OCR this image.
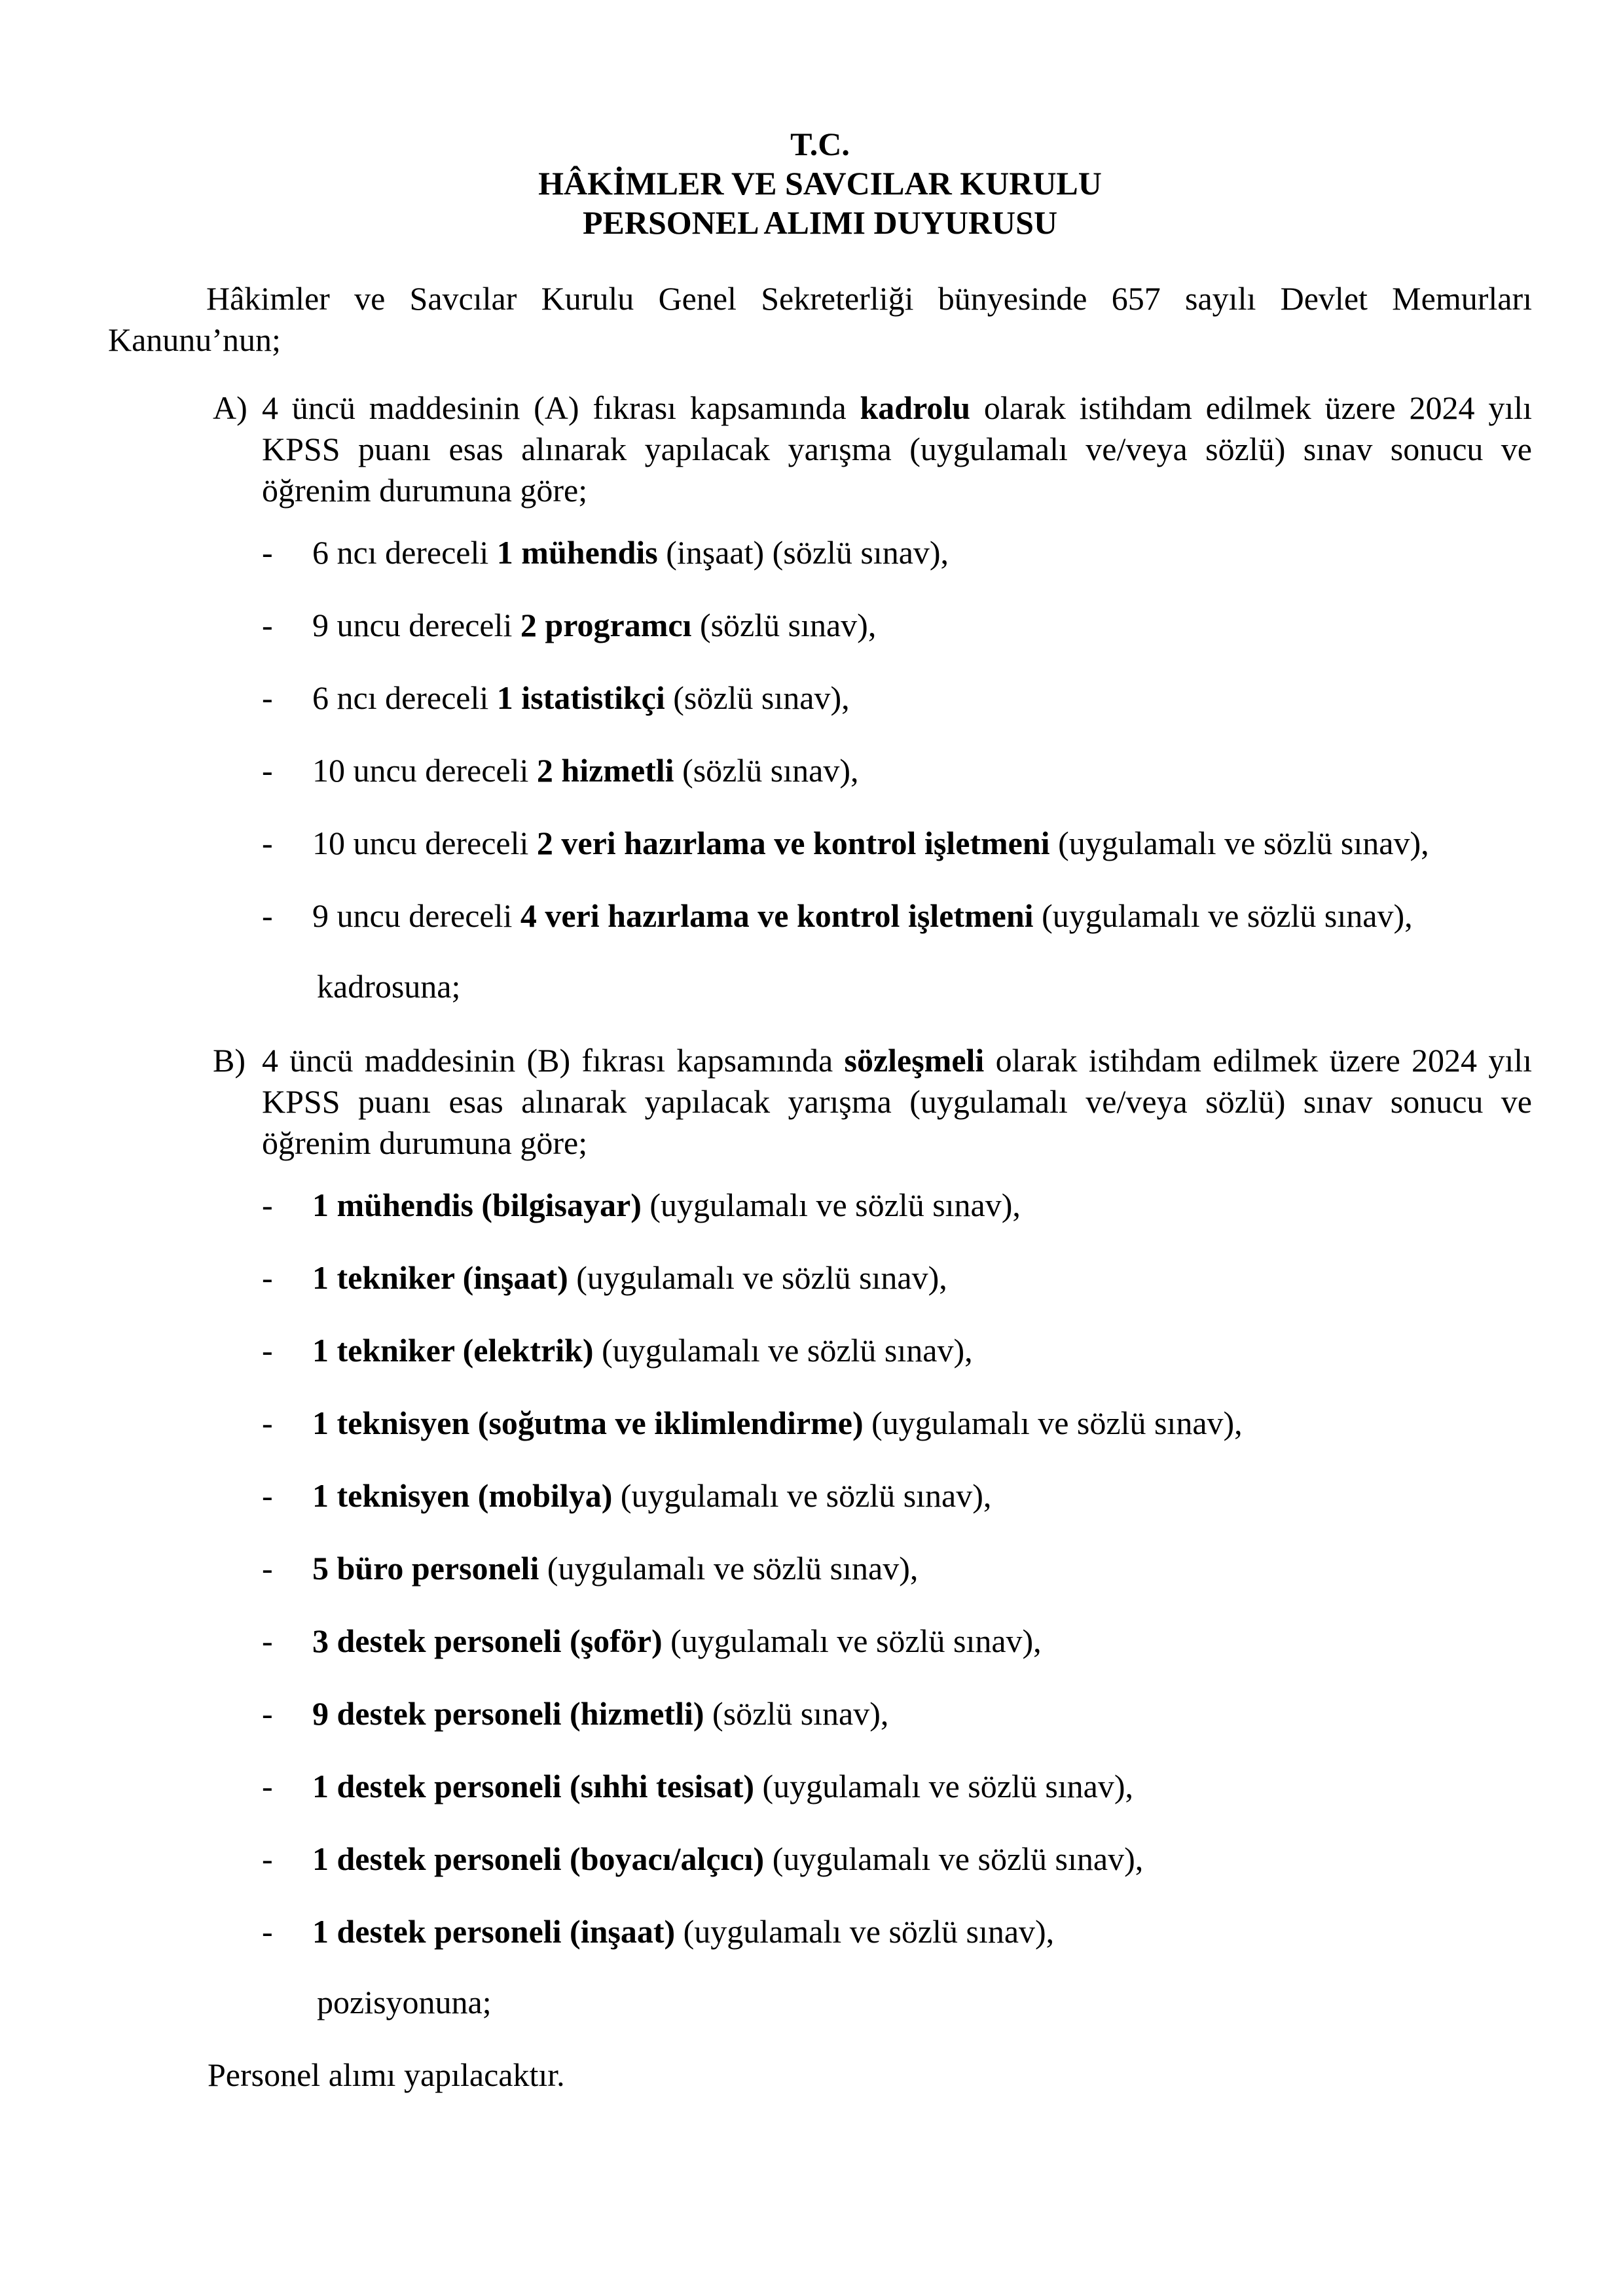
T.C.
HÂKİMLER VE SAVCILAR KURULU
PERSONEL ALIMI DUYURUSU

Hâkimler ve Savcılar Kurulu Genel Sekreterliği bünyesinde 657 sayılı Devlet Memurları Kanunu’nun;

A) 4 üncü maddesinin (A) fıkrası kapsamında kadrolu olarak istihdam edilmek üzere 2024 yılı KPSS puanı esas alınarak yapılacak yarışma (uygulamalı ve/veya sözlü) sınav sonucu ve öğrenim durumuna göre;

- 6 ncı dereceli 1 mühendis (inşaat) (sözlü sınav),
- 9 uncu dereceli 2 programcı (sözlü sınav),
- 6 ncı dereceli 1 istatistikçi (sözlü sınav),
- 10 uncu dereceli 2 hizmetli (sözlü sınav),
- 10 uncu dereceli 2 veri hazırlama ve kontrol işletmeni (uygulamalı ve sözlü sınav),
- 9 uncu dereceli 4 veri hazırlama ve kontrol işletmeni (uygulamalı ve sözlü sınav),

kadrosuna;

B) 4 üncü maddesinin (B) fıkrası kapsamında sözleşmeli olarak istihdam edilmek üzere 2024 yılı KPSS puanı esas alınarak yapılacak yarışma (uygulamalı ve/veya sözlü) sınav sonucu ve öğrenim durumuna göre;

- 1 mühendis (bilgisayar) (uygulamalı ve sözlü sınav),
- 1 tekniker (inşaat) (uygulamalı ve sözlü sınav),
- 1 tekniker (elektrik) (uygulamalı ve sözlü sınav),
- 1 teknisyen (soğutma ve iklimlendirme) (uygulamalı ve sözlü sınav),
- 1 teknisyen (mobilya) (uygulamalı ve sözlü sınav),
- 5 büro personeli (uygulamalı ve sözlü sınav),
- 3 destek personeli (şoför) (uygulamalı ve sözlü sınav),
- 9 destek personeli (hizmetli) (sözlü sınav),
- 1 destek personeli (sıhhi tesisat) (uygulamalı ve sözlü sınav),
- 1 destek personeli (boyacı/alçıcı) (uygulamalı ve sözlü sınav),
- 1 destek personeli (inşaat) (uygulamalı ve sözlü sınav),

pozisyonuna;

Personel alımı yapılacaktır.
